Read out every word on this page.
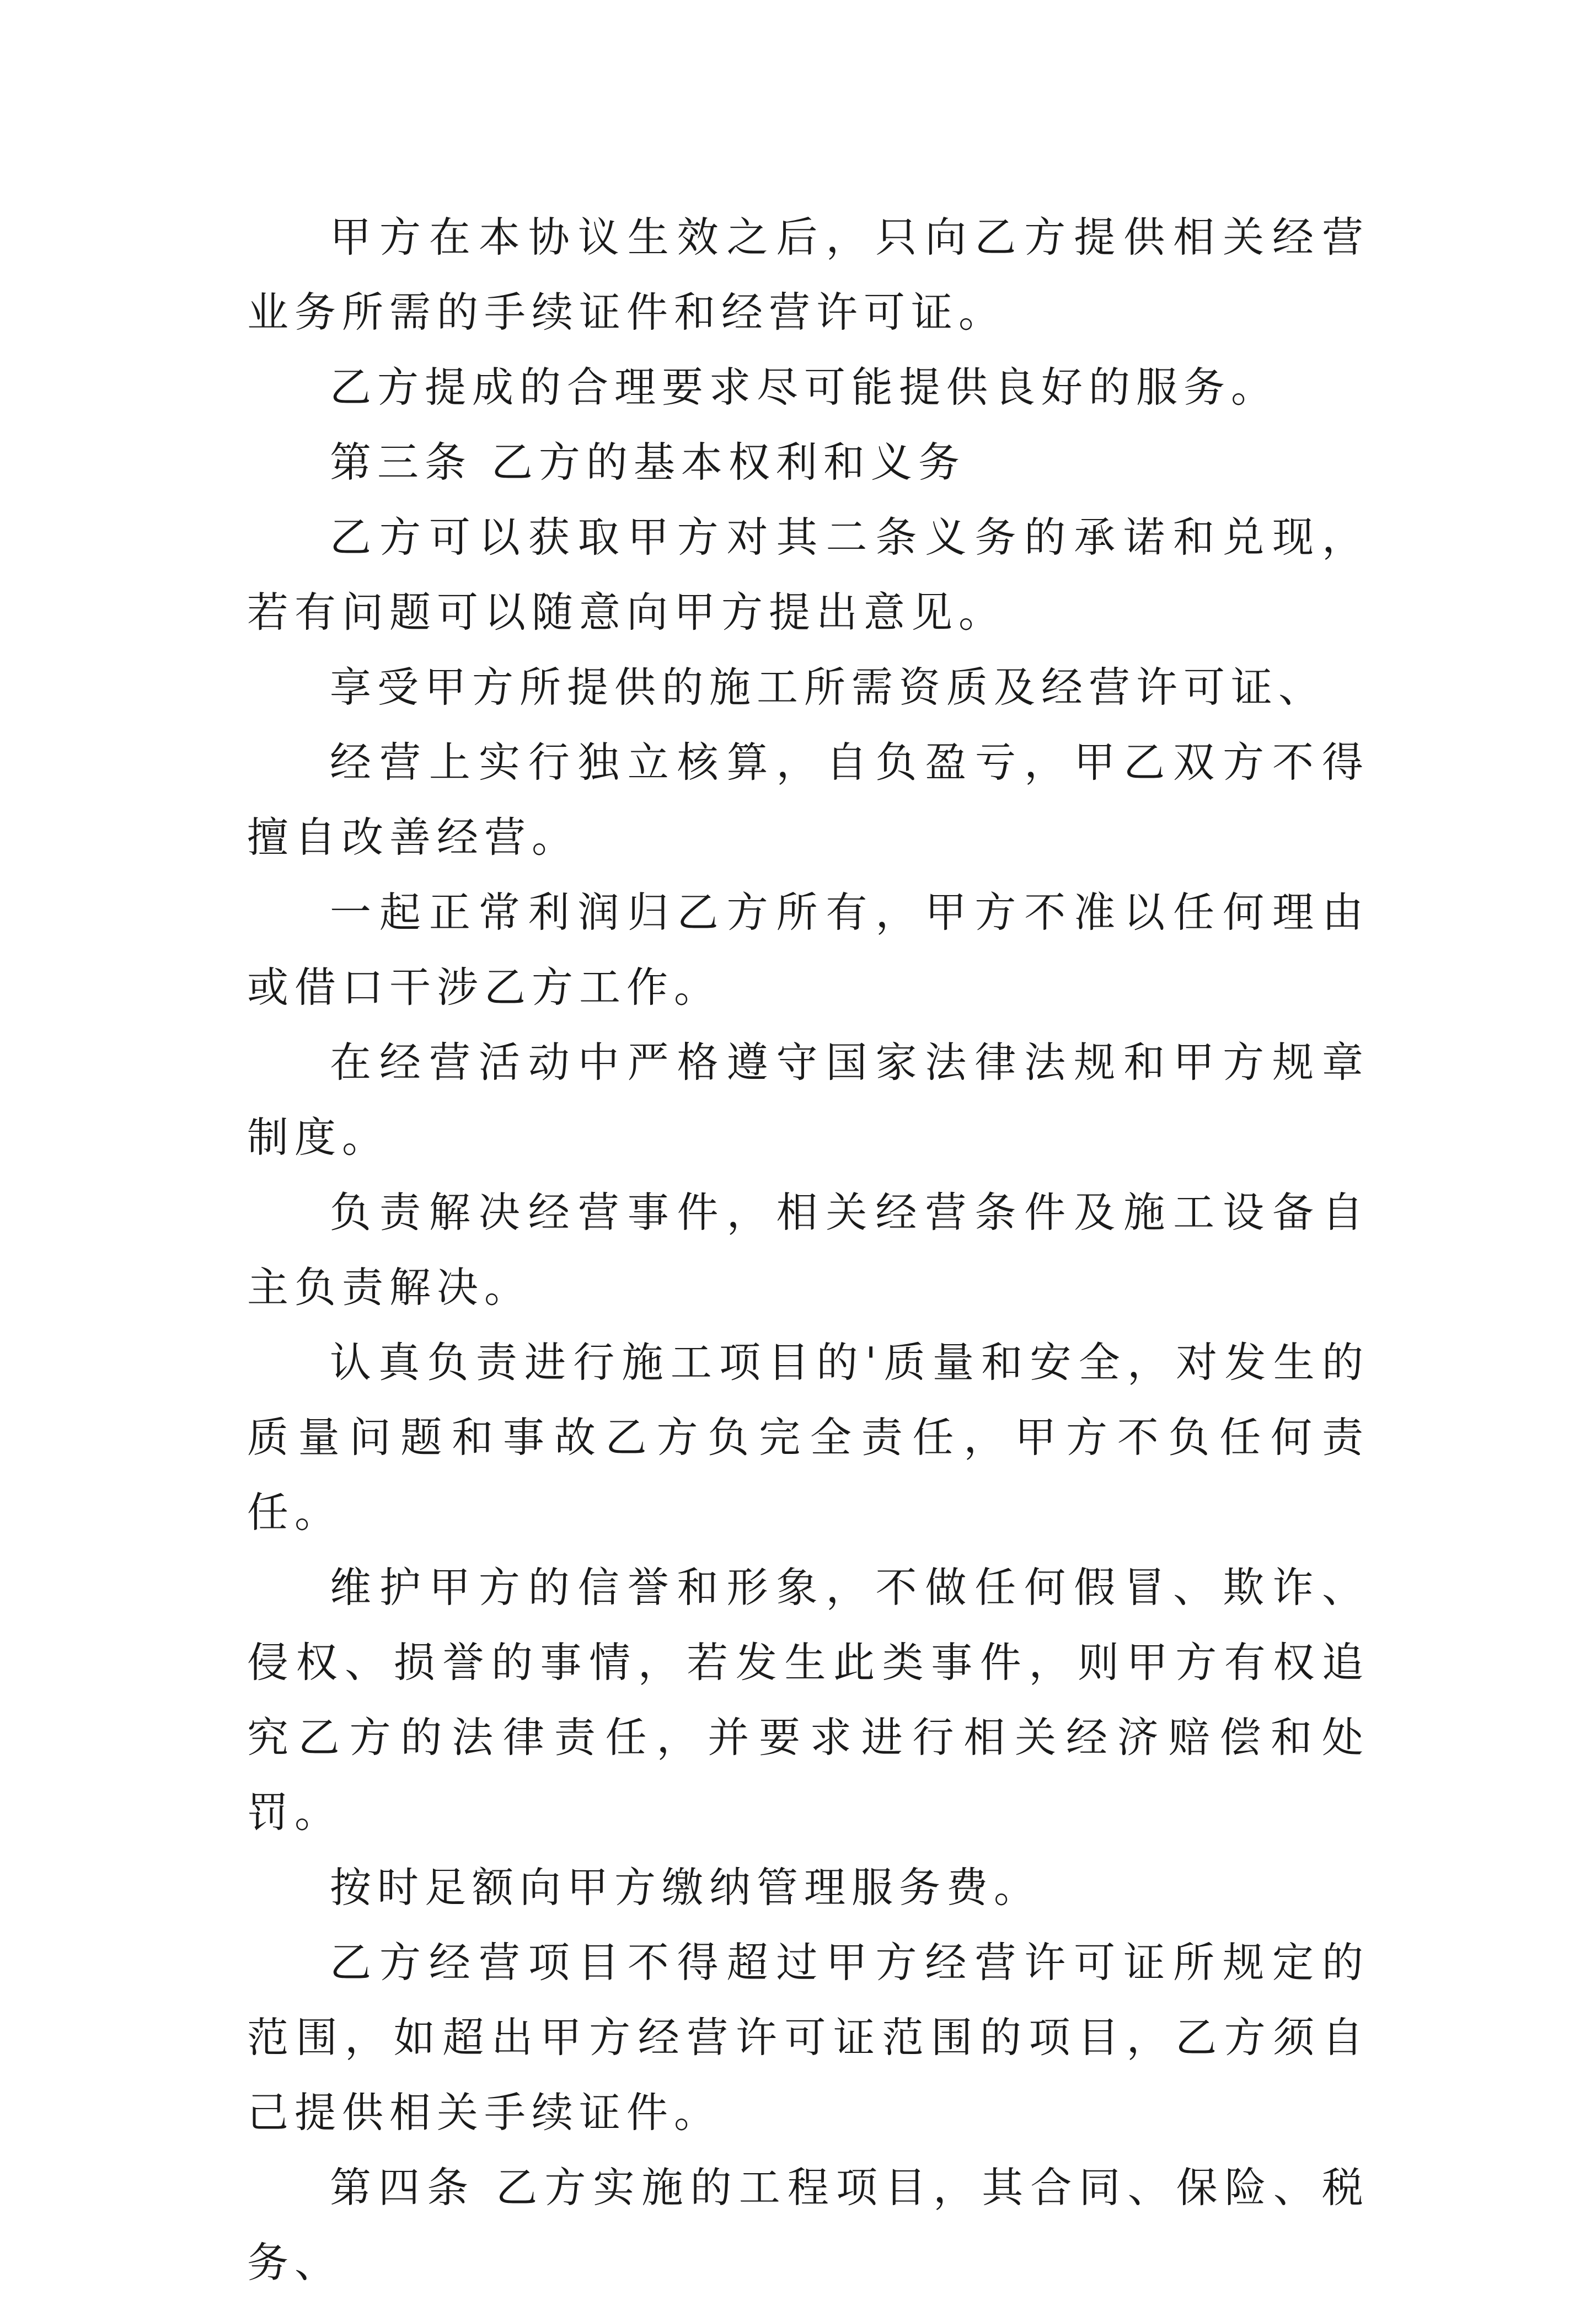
甲方在本协议生效之后，只向乙方提供相关经营业务所需的手续证件和经营许可证。

乙方提成的合理要求尽可能提供良好的服务。

第三条 乙方的基本权利和义务

乙方可以获取甲方对其二条义务的承诺和兑现，若有问题可以随意向甲方提出意见。

享受甲方所提供的施工所需资质及经营许可证、

经营上实行独立核算，自负盈亏，甲乙双方不得擅自改善经营。

一起正常利润归乙方所有，甲方不准以任何理由或借口干涉乙方工作。

在经营活动中严格遵守国家法律法规和甲方规章制度。

负责解决经营事件，相关经营条件及施工设备自主负责解决。

认真负责进行施工项目的'质量和安全，对发生的质量问题和事故乙方负完全责任，甲方不负任何责任。

维护甲方的信誉和形象，不做任何假冒、欺诈、侵权、损誉的事情，若发生此类事件，则甲方有权追究乙方的法律责任，并要求进行相关经济赔偿和处罚。

按时足额向甲方缴纳管理服务费。

乙方经营项目不得超过甲方经营许可证所规定的范围，如超出甲方经营许可证范围的项目，乙方须自己提供相关手续证件。

第四条 乙方实施的工程项目，其合同、保险、税务、
